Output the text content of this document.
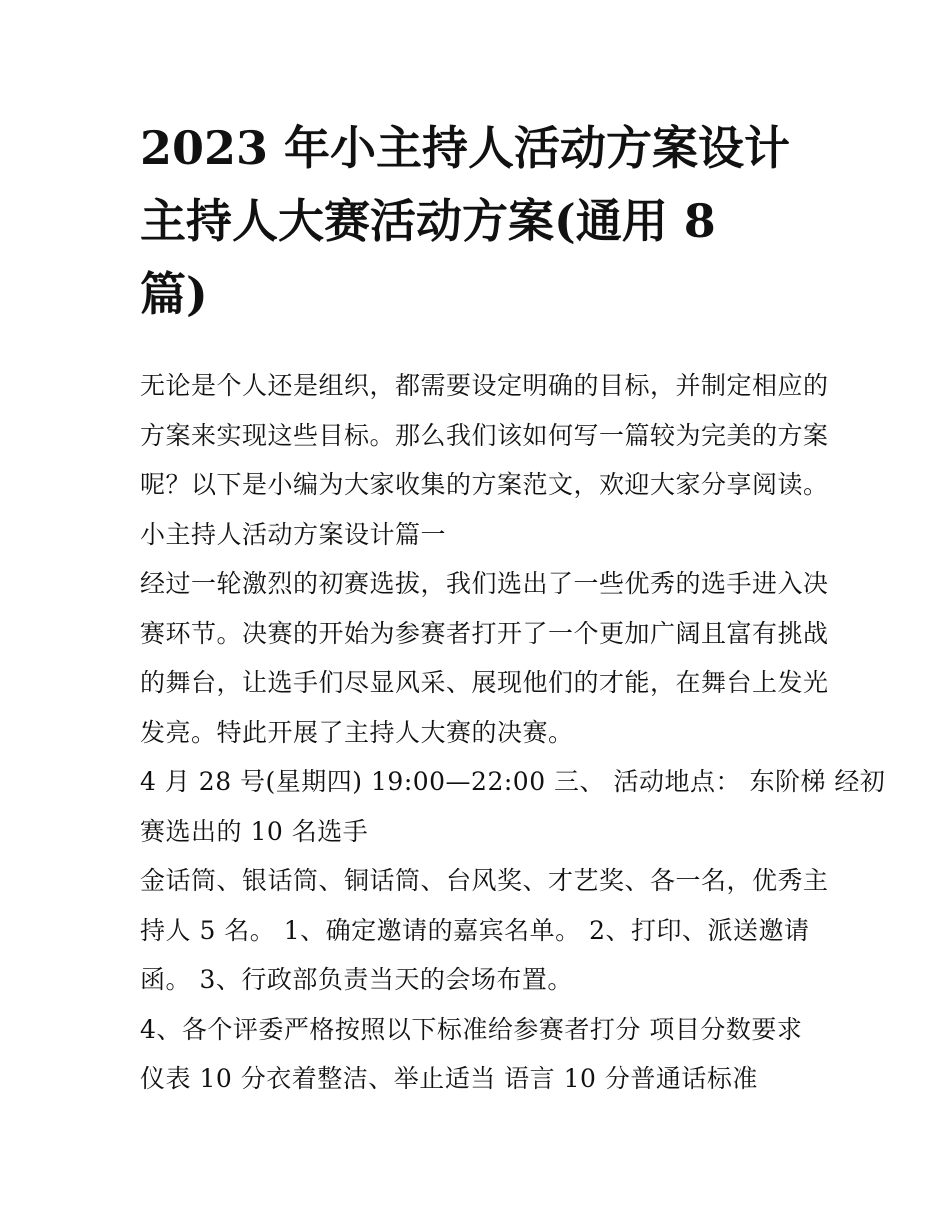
2023 年小主持人活动方案设计
主持人大赛活动方案(通用 8
篇)

无论是个人还是组织，都需要设定明确的目标，并制定相应的
方案来实现这些目标。那么我们该如何写一篇较为完美的方案
呢？以下是小编为大家收集的方案范文，欢迎大家分享阅读。

小主持人活动方案设计篇一

经过一轮激烈的初赛选拔，我们选出了一些优秀的选手进入决
赛环节。决赛的开始为参赛者打开了一个更加广阔且富有挑战
的舞台，让选手们尽显风采、展现他们的才能，在舞台上发光
发亮。特此开展了主持人大赛的决赛。

4 月 28 号(星期四) 19:00—22:00 三、 活动地点： 东阶梯 经初
赛选出的 10 名选手

金话筒、银话筒、铜话筒、台风奖、才艺奖、各一名，优秀主
持人 5 名。 1、确定邀请的嘉宾名单。 2、打印、派送邀请
函。 3、行政部负责当天的会场布置。

4、各个评委严格按照以下标准给参赛者打分 项目分数要求
仪表 10 分衣着整洁、举止适当 语言 10 分普通话标准
